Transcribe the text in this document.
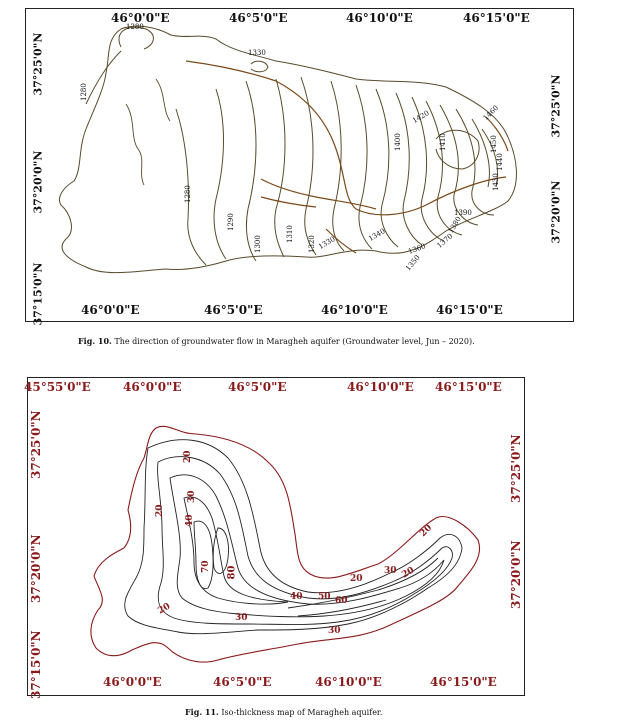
46°0'0"E	46°5'0"E	46°10'0"E	46°15'0"E
46°0'0"E	46°5'0"E	46°10'0"E	46°15'0"E
37°25'0"N
37°20'0"N
37°15'0"N
37°25'0"N
37°20'0"N
1280
1330
1280
1280
1290
1300
1310
1320 1330
1340
1350
1360 1370
1380
1390
1400	1410
1420
1430
1440
1450
1460
Fig. 10. The direction of groundwater flow in Maragheh aquifer (Groundwater level, Jun – 2020).
45°55'0"E	46°0'0"E	46°5'0"E	46°10'0"E 46°15'0"E
46°0'0"E	46°5'0"E	46°10'0"E	46°15'0"E
37°25'0"N
37°20'0"N
37°15'0"N
37°25'0"N
37°20'0"N
20
30
40
70 80
20
20
30
40 50 60
20
30
30
20
20
Fig. 11. Iso-thickness map of Maragheh aquifer.
